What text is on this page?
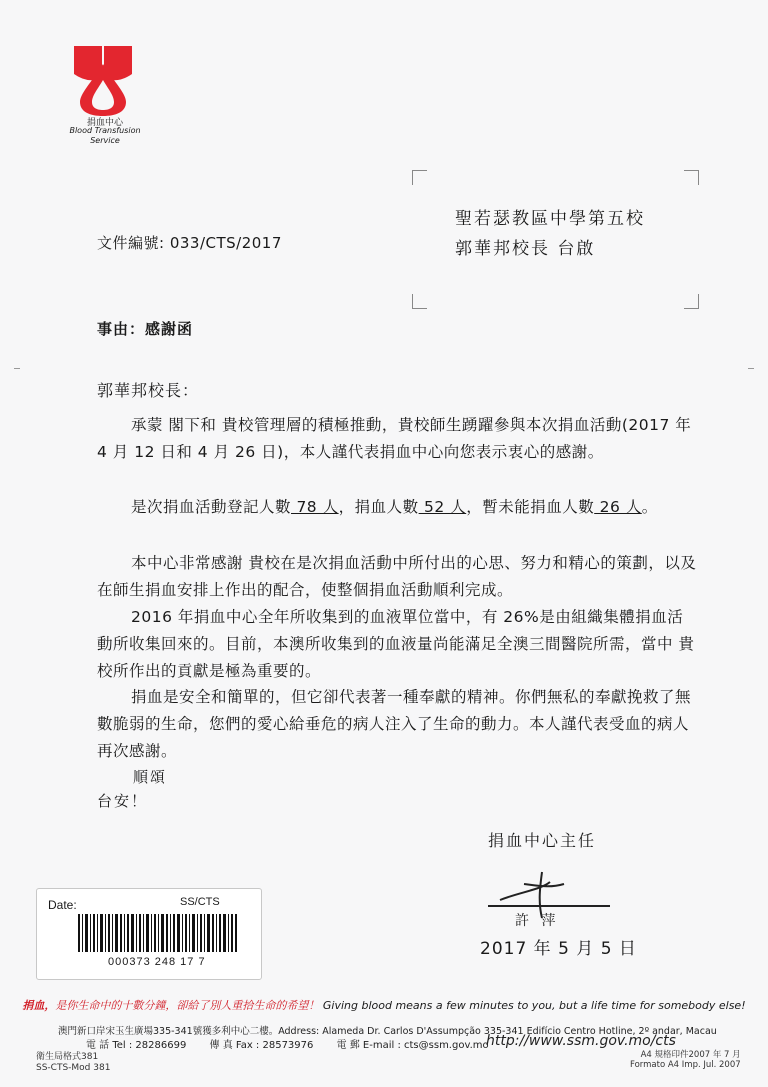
捐血中心
Blood Transfusion Service
聖若瑟教區中學第五校
郭華邦校長 台啟
文件編號: 033/CTS/2017
事由：感謝函
郭華邦校長：

承蒙 閣下和 貴校管理層的積極推動，貴校師生踴躍參與本次捐血活動(2017 年 4 月 12 日和 4 月 26 日)，本人謹代表捐血中心向您表示衷心的感謝。

是次捐血活動登記人數 78 人，捐血人數 52 人，暫未能捐血人數 26 人。

本中心非常感謝 貴校在是次捐血活動中所付出的心思、努力和精心的策劃，以及在師生捐血安排上作出的配合，使整個捐血活動順利完成。

2016 年捐血中心全年所收集到的血液單位當中，有 26%是由組織集體捐血活動所收集回來的。目前，本澳所收集到的血液量尚能滿足全澳三間醫院所需，當中 貴校所作出的貢獻是極為重要的。

捐血是安全和簡單的，但它卻代表著一種奉獻的精神。你們無私的奉獻挽救了無數脆弱的生命，您們的愛心給垂危的病人注入了生命的動力。本人謹代表受血的病人再次感謝。

順頌
台安！
捐血中心主任
許 萍
2017 年 5 月 5 日
Date:	SS/CTS
000373 248 17 7
捐血，是你生命中的十數分鐘，卻給了別人重拾生命的希望！ Giving blood means a few minutes to you, but a life time for somebody else!
澳門新口岸宋玉生廣場335-341號獲多利中心二樓。Address: Alameda Dr. Carlos D'Assumpção 335-341 Edifício Centro Hotline, 2º andar, Macau
電 話 Tel : 28286699 傳 真 Fax : 28573976 電 郵 E-mail : cts@ssm.gov.mo
http://www.ssm.gov.mo/cts
衛生局格式381
SS-CTS-Mod 381
A4 規格印件2007 年 7 月
Formato A4 Imp. Jul. 2007
